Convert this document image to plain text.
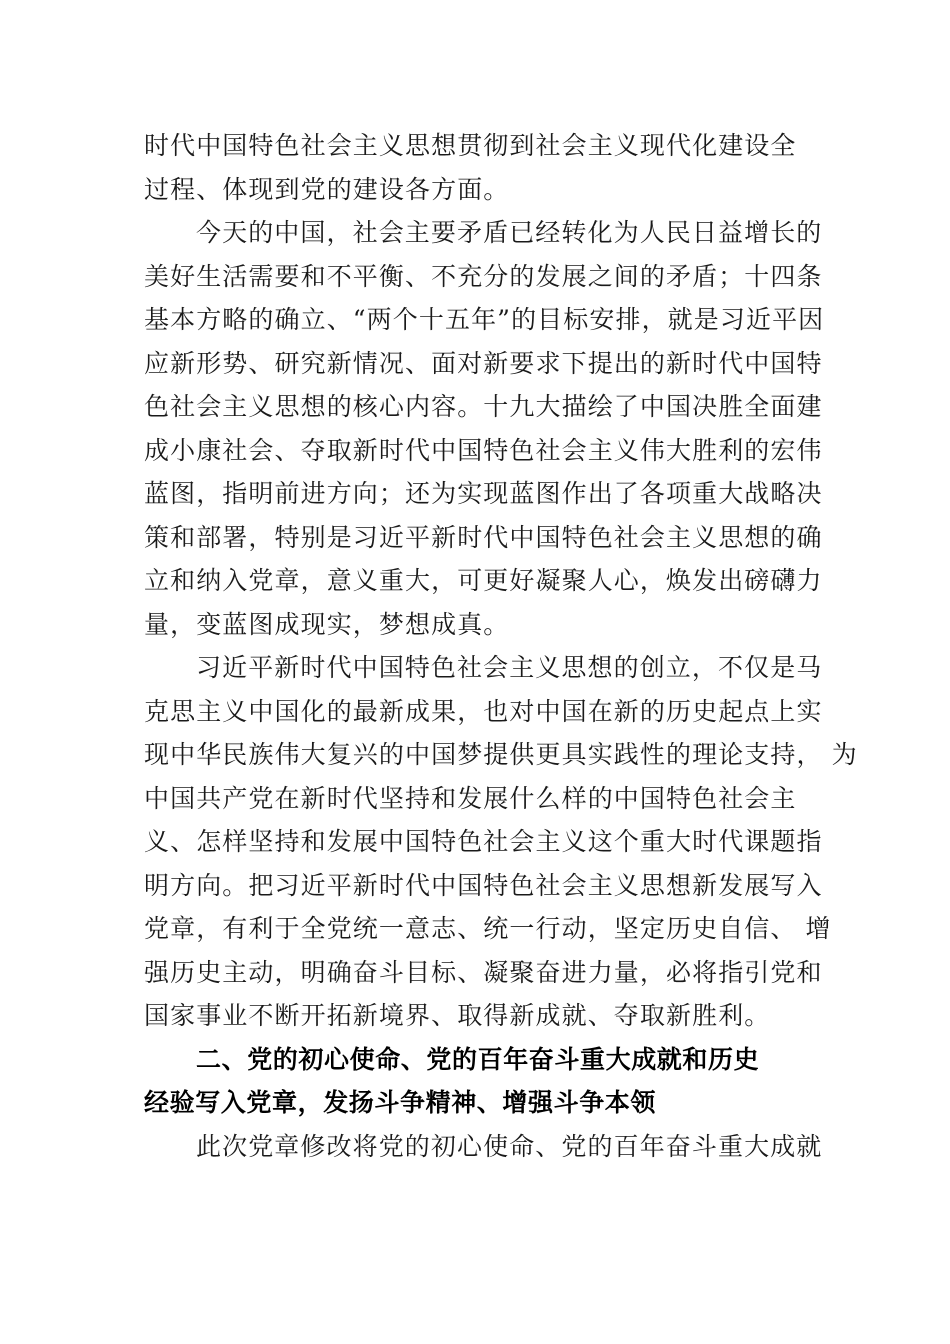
时代中国特色社会主义思想贯彻到社会主义现代化建设全
过程、体现到党的建设各方面。
今天的中国，社会主要矛盾已经转化为人民日益增长的
美好生活需要和不平衡、不充分的发展之间的矛盾；十四条
基本方略的确立、“两个十五年”的目标安排，就是习近平因
应新形势、研究新情况、面对新要求下提出的新时代中国特
色社会主义思想的核心内容。十九大描绘了中国决胜全面建
成小康社会、夺取新时代中国特色社会主义伟大胜利的宏伟
蓝图，指明前进方向；还为实现蓝图作出了各项重大战略决
策和部署，特别是习近平新时代中国特色社会主义思想的确
立和纳入党章，意义重大，可更好凝聚人心，焕发出磅礴力
量，变蓝图成现实，梦想成真。
习近平新时代中国特色社会主义思想的创立，不仅是马
克思主义中国化的最新成果，也对中国在新的历史起点上实
现中华民族伟大复兴的中国梦提供更具实践性的理论支持， 为
中国共产党在新时代坚持和发展什么样的中国特色社会主
义、怎样坚持和发展中国特色社会主义这个重大时代课题指
明方向。把习近平新时代中国特色社会主义思想新发展写入
党章，有利于全党统一意志、统一行动，坚定历史自信、 增
强历史主动，明确奋斗目标、凝聚奋进力量，必将指引党和
国家事业不断开拓新境界、取得新成就、夺取新胜利。
二、党的初心使命、党的百年奋斗重大成就和历史
经验写入党章，发扬斗争精神、增强斗争本领
此次党章修改将党的初心使命、党的百年奋斗重大成就
